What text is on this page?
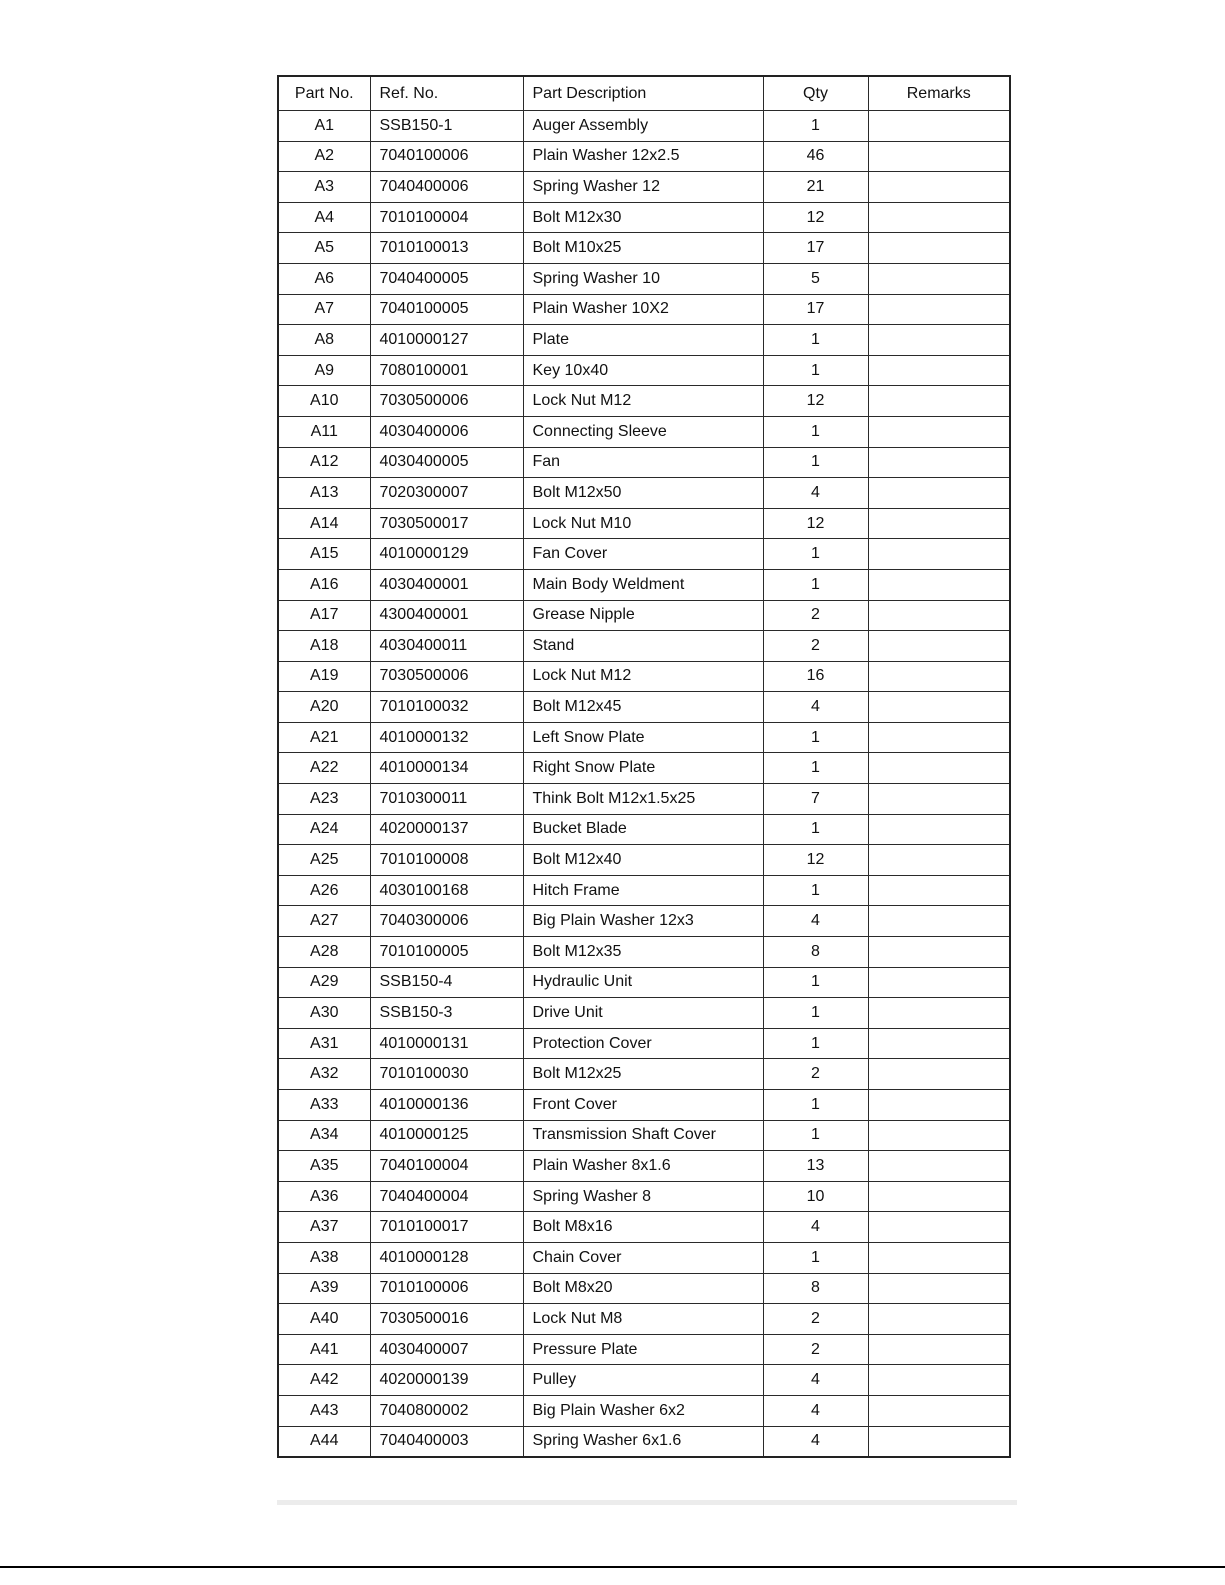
Part No.	Ref. No.	Part Description	Qty	Remarks
A1	SSB150-1	Auger Assembly	1	
A2	7040100006	Plain Washer 12x2.5	46	
A3	7040400006	Spring Washer 12	21	
A4	7010100004	Bolt M12x30	12	
A5	7010100013	Bolt M10x25	17	
A6	7040400005	Spring Washer 10	5	
A7	7040100005	Plain Washer 10X2	17	
A8	4010000127	Plate	1	
A9	7080100001	Key 10x40	1	
A10	7030500006	Lock Nut M12	12	
A11	4030400006	Connecting Sleeve	1	
A12	4030400005	Fan	1	
A13	7020300007	Bolt M12x50	4	
A14	7030500017	Lock Nut M10	12	
A15	4010000129	Fan Cover	1	
A16	4030400001	Main Body Weldment	1	
A17	4300400001	Grease Nipple	2	
A18	4030400011	Stand	2	
A19	7030500006	Lock Nut M12	16	
A20	7010100032	Bolt M12x45	4	
A21	4010000132	Left Snow Plate	1	
A22	4010000134	Right Snow Plate	1	
A23	7010300011	Think Bolt M12x1.5x25	7	
A24	4020000137	Bucket Blade	1	
A25	7010100008	Bolt M12x40	12	
A26	4030100168	Hitch Frame	1	
A27	7040300006	Big Plain Washer 12x3	4	
A28	7010100005	Bolt M12x35	8	
A29	SSB150-4	Hydraulic Unit	1	
A30	SSB150-3	Drive Unit	1	
A31	4010000131	Protection Cover	1	
A32	7010100030	Bolt M12x25	2	
A33	4010000136	Front Cover	1	
A34	4010000125	Transmission Shaft Cover	1	
A35	7040100004	Plain Washer 8x1.6	13	
A36	7040400004	Spring Washer 8	10	
A37	7010100017	Bolt M8x16	4	
A38	4010000128	Chain Cover	1	
A39	7010100006	Bolt M8x20	8	
A40	7030500016	Lock Nut M8	2	
A41	4030400007	Pressure Plate	2	
A42	4020000139	Pulley	4	
A43	7040800002	Big Plain Washer 6x2	4	
A44	7040400003	Spring Washer 6x1.6	4	
